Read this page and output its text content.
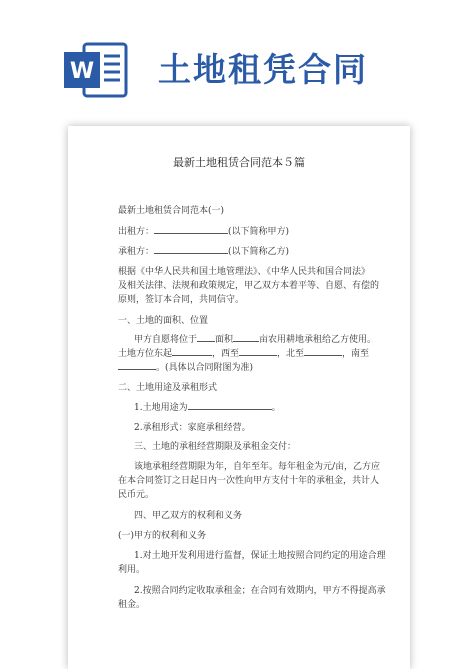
W 土地租凭合同
最新土地租赁合同范本５篇
最新土地租赁合同范本(一)
出租方：	(以下简称甲方)
承租方：	(以下简称乙方)
根据《中华人民共和国土地管理法》、《中华人民共和国合同法》
及相关法律、法规和政策规定，甲乙双方本着平等、自愿、有偿的
原则，签订本合同，共同信守。
一、土地的面积、位置
甲方自愿将位于 面积	亩农用耕地承租给乙方使用。
土地方位东起	，西至	，北至	，南至
。(具体以合同附图为准)
二、土地用途及承租形式
1.土地用途为	。
2.承租形式：家庭承租经营。
三、土地的承租经营期限及承租金交付：
该地承租经营期限为年，自年至年。每年租金为元/亩，乙方应
在本合同签订之日起日内一次性向甲方支付十年的承租金，共计人
民币元。
四、甲乙双方的权利和义务
(一)甲方的权利和义务
1.对土地开发利用进行监督，保证土地按照合同约定的用途合理
利用。
2.按照合同约定收取承租金；在合同有效期内，甲方不得提高承
租金。
